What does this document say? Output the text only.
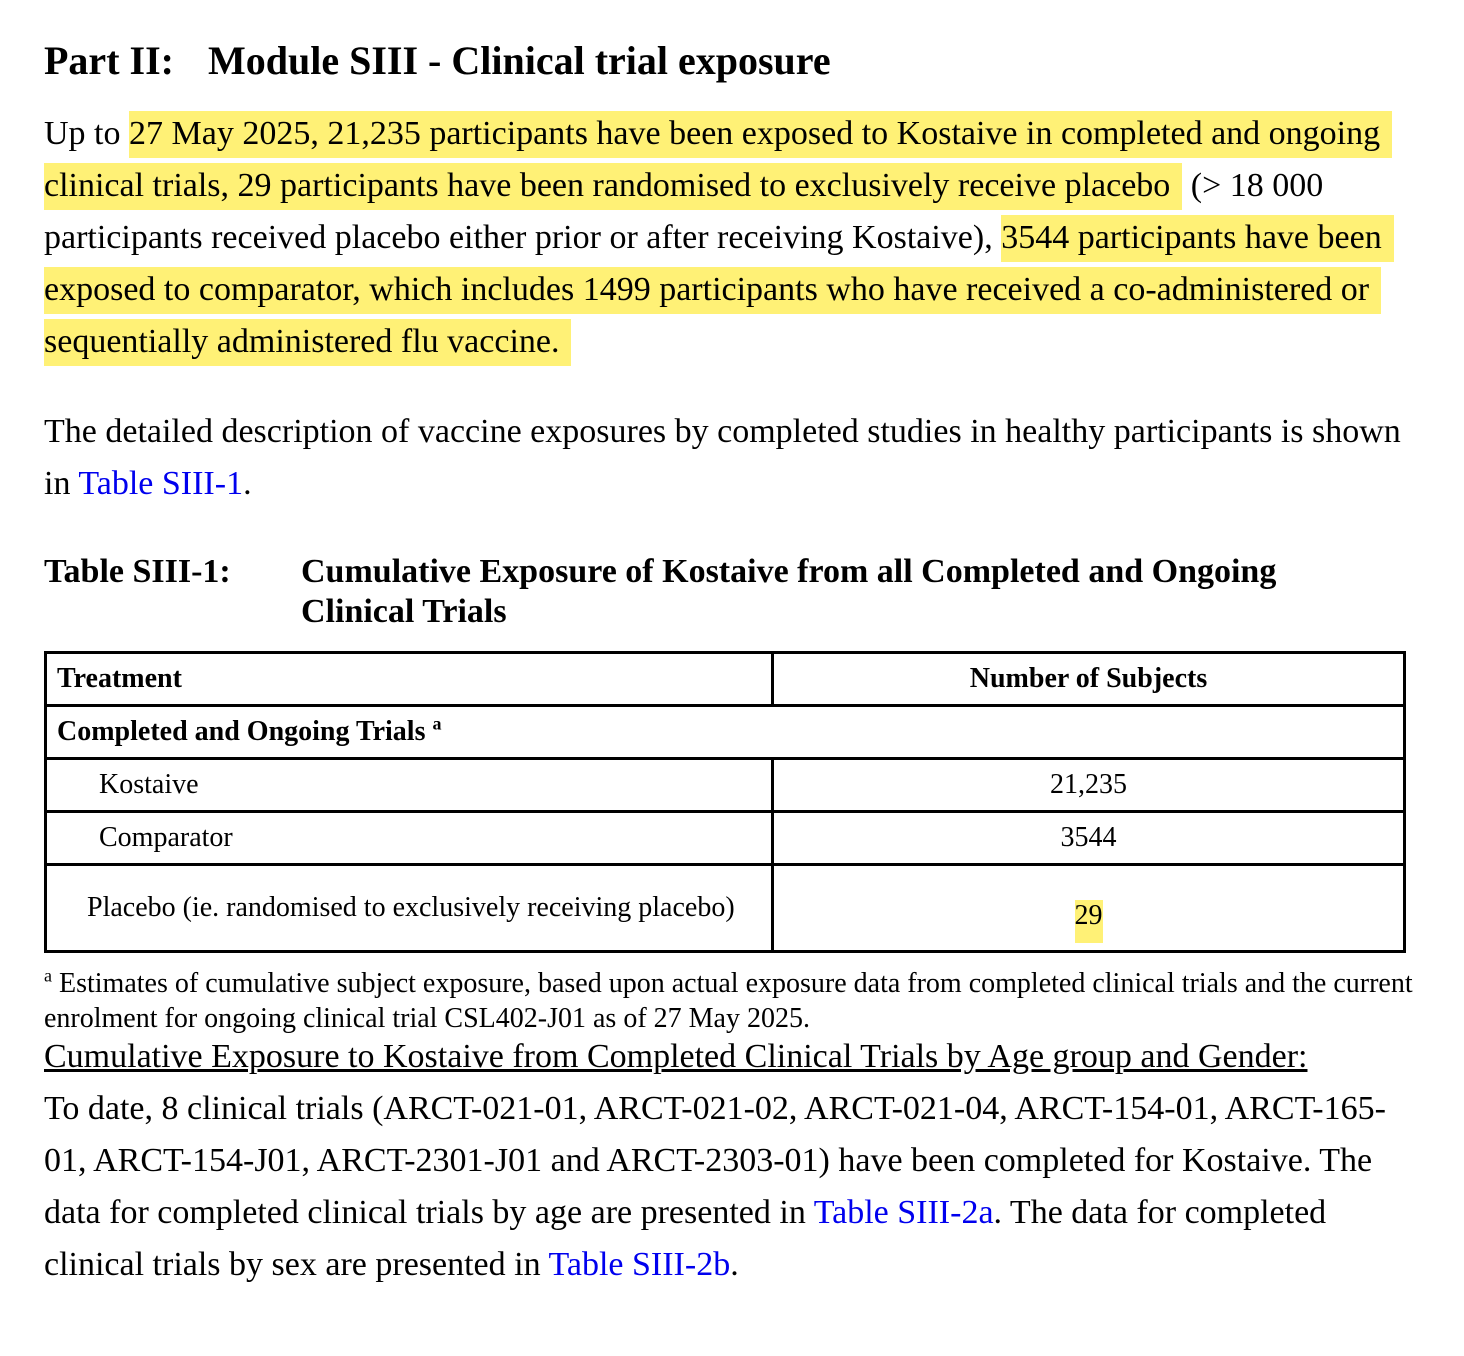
Part II: Module SIII - Clinical trial exposure

Up to 27 May 2025, 21,235 participants have been exposed to Kostaive in completed and ongoing clinical trials, 29 participants have been randomised to exclusively receive placebo (> 18 000 participants received placebo either prior or after receiving Kostaive), 3544 participants have been exposed to comparator, which includes 1499 participants who have received a co-administered or sequentially administered flu vaccine.

The detailed description of vaccine exposures by completed studies in healthy participants is shown in Table SIII-1.

Table SIII-1: Cumulative Exposure of Kostaive from all Completed and Ongoing Clinical Trials
Treatment	Number of Subjects
Completed and Ongoing Trials $^a$
Kostaive	21,235
Comparator	3544
Placebo (ie. randomised to exclusively receiving placebo)	29

$^a$ Estimates of cumulative subject exposure, based upon actual exposure data from completed clinical trials and the current enrolment for ongoing clinical trial CSL402-J01 as of 27 May 2025.

Cumulative Exposure to Kostaive from Completed Clinical Trials by Age group and Gender:

To date, 8 clinical trials (ARCT-021-01, ARCT-021-02, ARCT-021-04, ARCT-154-01, ARCT-165-01, ARCT-154-J01, ARCT-2301-J01 and ARCT-2303-01) have been completed for Kostaive. The data for completed clinical trials by age are presented in Table SIII-2a. The data for completed clinical trials by sex are presented in Table SIII-2b.
